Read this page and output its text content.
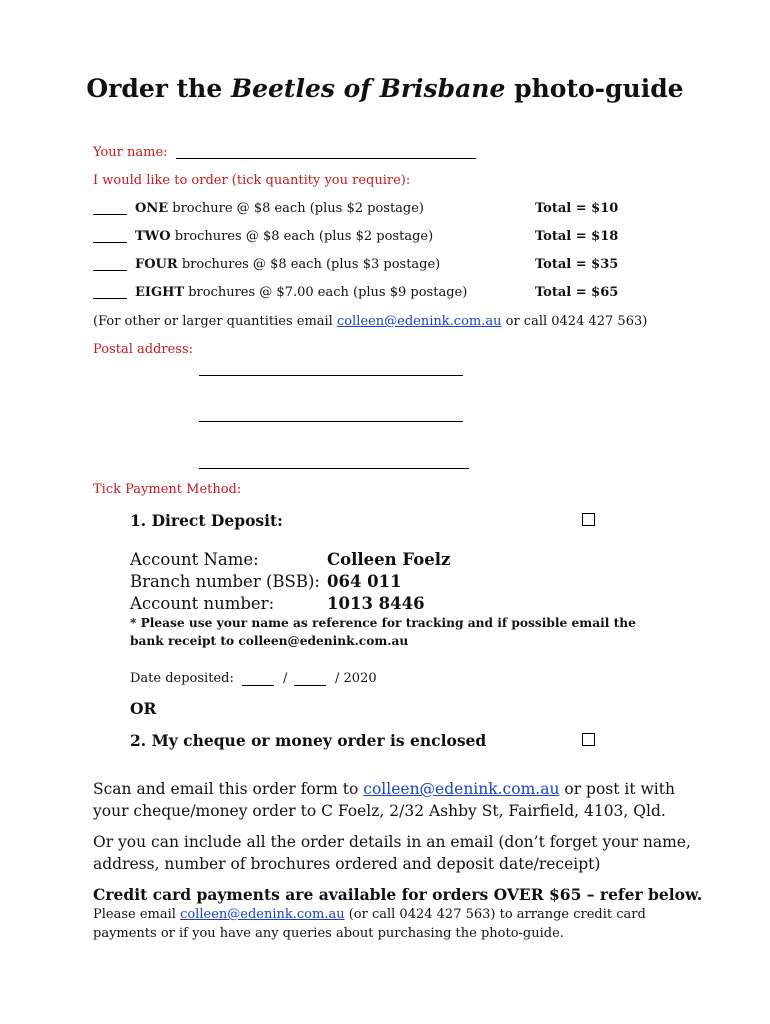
Order the Beetles of Brisbane photo-guide
Your name:
I would like to order (tick quantity you require):
ONE brochure @ $8 each (plus $2 postage)	Total = $10
TWO brochures @ $8 each (plus $2 postage)	Total = $18
FOUR brochures @ $8 each (plus $3 postage)	Total = $35
EIGHT brochures @ $7.00 each (plus $9 postage)	Total = $65
(For other or larger quantities email colleen@edenink.com.au or call 0424 427 563)
Postal address:
Tick Payment Method:
1. Direct Deposit:
Account Name:	Colleen Foelz
Branch number (BSB): 064 011
Account number:	1013 8446
* Please use your name as reference for tracking and if possible email the
bank receipt to colleen@edenink.com.au
Date deposited:	/	/ 2020
OR
2. My cheque or money order is enclosed
Scan and email this order form to colleen@edenink.com.au or post it with
your cheque/money order to C Foelz, 2/32 Ashby St, Fairfield, 4103, Qld.
Or you can include all the order details in an email (don’t forget your name,
address, number of brochures ordered and deposit date/receipt)
Credit card payments are available for orders OVER $65 – refer below.
Please email colleen@edenink.com.au (or call 0424 427 563) to arrange credit card
payments or if you have any queries about purchasing the photo-guide.
